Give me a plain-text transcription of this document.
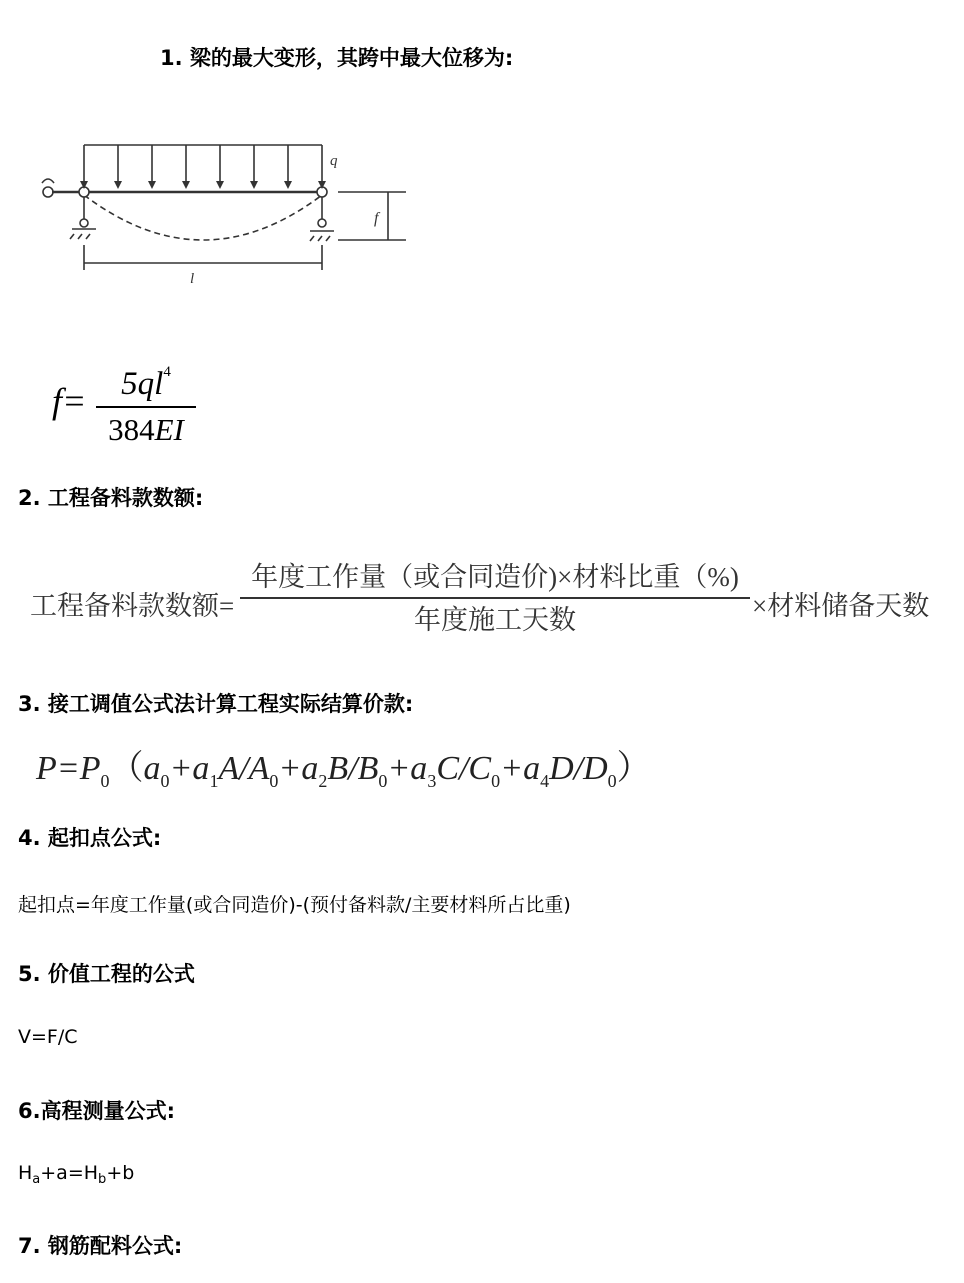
1. 梁的最大变形，其跨中最大位移为:
q
f
l
f=	$5ql^4$
384EI
2. 工程备料款数额:
工程备料款数额=
年度工作量（或合同造价)×材料比重（%)
年度施工天数	×材料储备天数
3. 接工调值公式法计算工程实际结算价款:
$P=P_0(a_0+a_1A/A_0+a_2B/B_0+a_3C/C_0+a_4D/D_0)$
4. 起扣点公式:
起扣点=年度工作量(或合同造价)-(预付备料款/主要材料所占比重)
5. 价值工程的公式
V=F/C
6.高程测量公式:
$H_a+a=H_b+b$
7. 钢筋配料公式:
